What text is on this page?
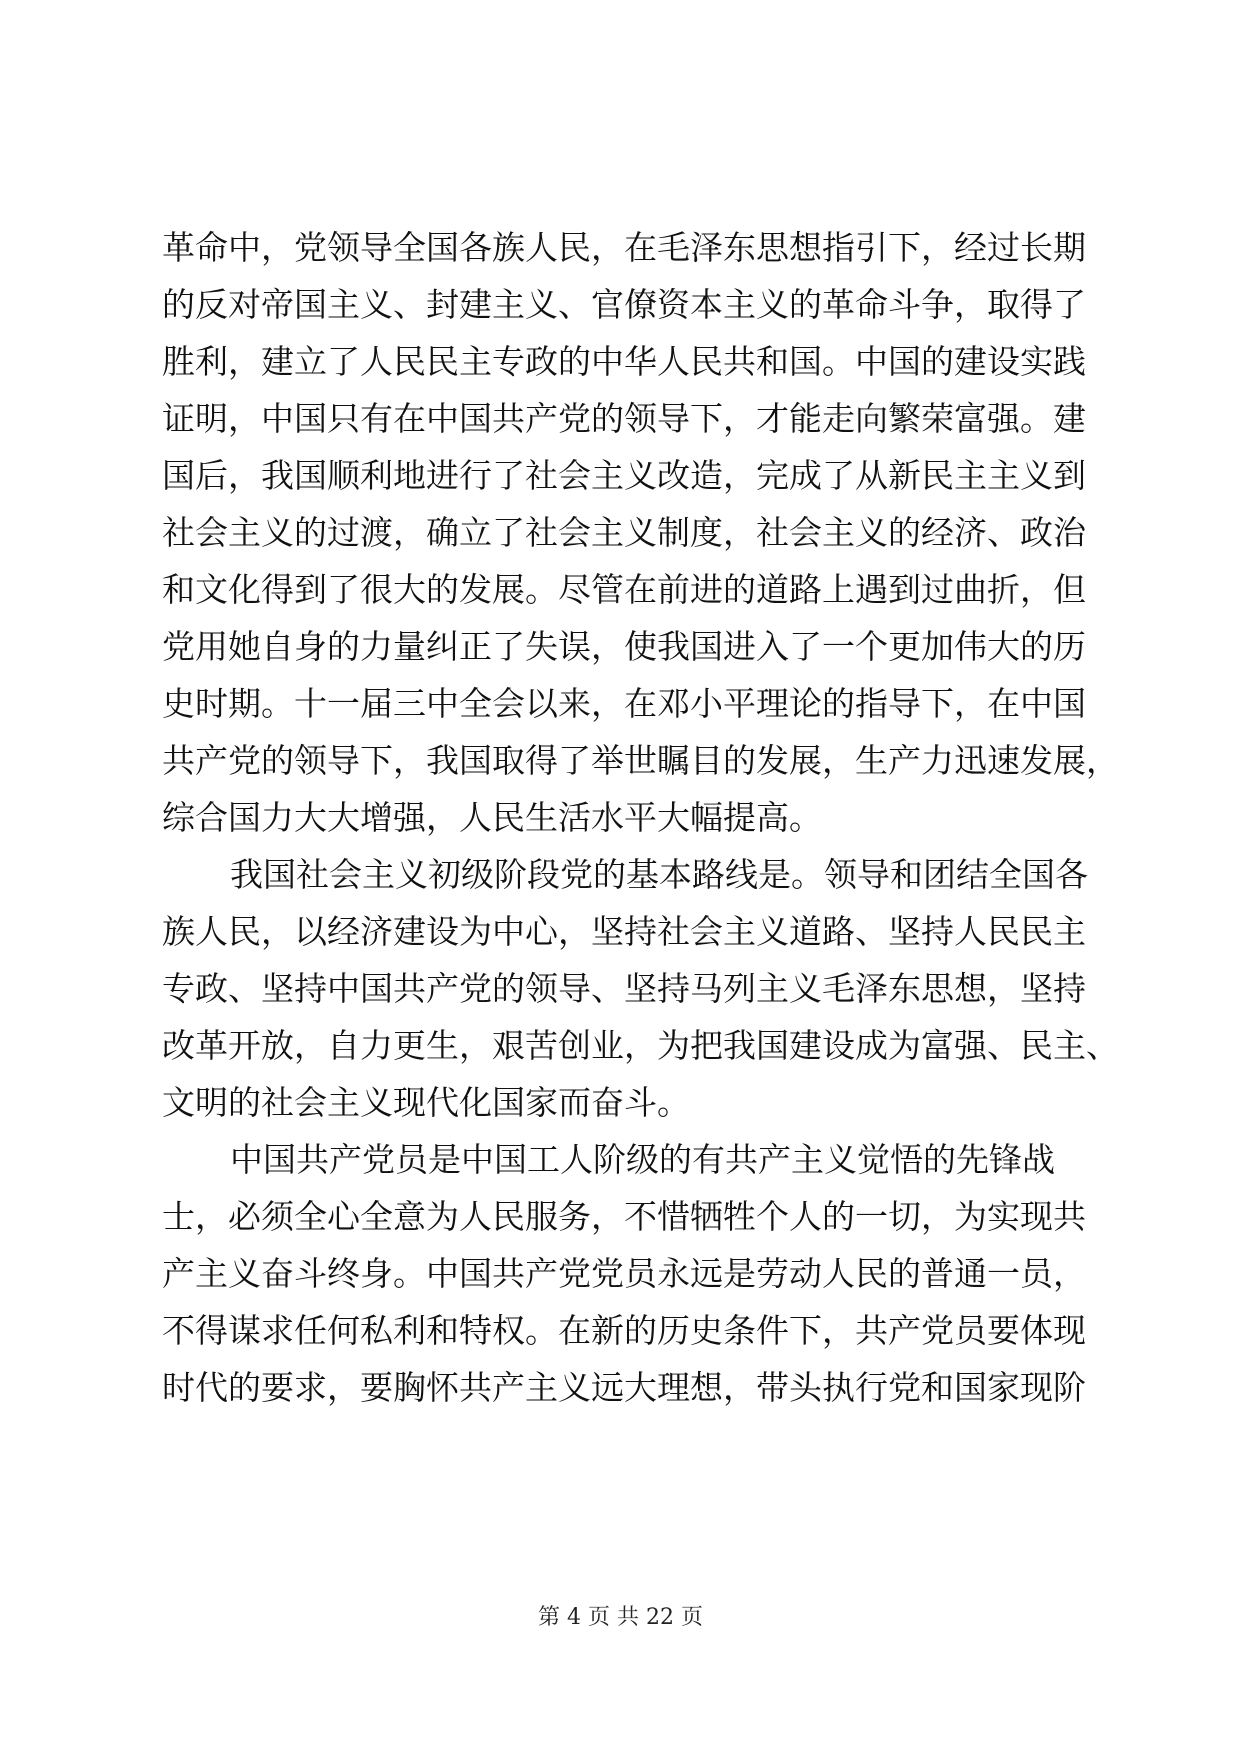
革命中，党领导全国各族人民，在毛泽东思想指引下，经过长期
的反对帝国主义、封建主义、官僚资本主义的革命斗争，取得了
胜利，建立了人民民主专政的中华人民共和国。中国的建设实践
证明，中国只有在中国共产党的领导下，才能走向繁荣富强。建
国后，我国顺利地进行了社会主义改造，完成了从新民主主义到
社会主义的过渡，确立了社会主义制度，社会主义的经济、政治
和文化得到了很大的发展。尽管在前进的道路上遇到过曲折，但
党用她自身的力量纠正了失误，使我国进入了一个更加伟大的历
史时期。十一届三中全会以来，在邓小平理论的指导下，在中国
共产党的领导下，我国取得了举世瞩目的发展，生产力迅速发展，
综合国力大大增强，人民生活水平大幅提高。
我国社会主义初级阶段党的基本路线是。领导和团结全国各
族人民，以经济建设为中心，坚持社会主义道路、坚持人民民主
专政、坚持中国共产党的领导、坚持马列主义毛泽东思想，坚持
改革开放，自力更生，艰苦创业，为把我国建设成为富强、民主、
文明的社会主义现代化国家而奋斗。
中国共产党员是中国工人阶级的有共产主义觉悟的先锋战
士，必须全心全意为人民服务，不惜牺牲个人的一切，为实现共
产主义奋斗终身。中国共产党党员永远是劳动人民的普通一员，
不得谋求任何私利和特权。在新的历史条件下，共产党员要体现
时代的要求，要胸怀共产主义远大理想，带头执行党和国家现阶
第 4 页 共 22 页
